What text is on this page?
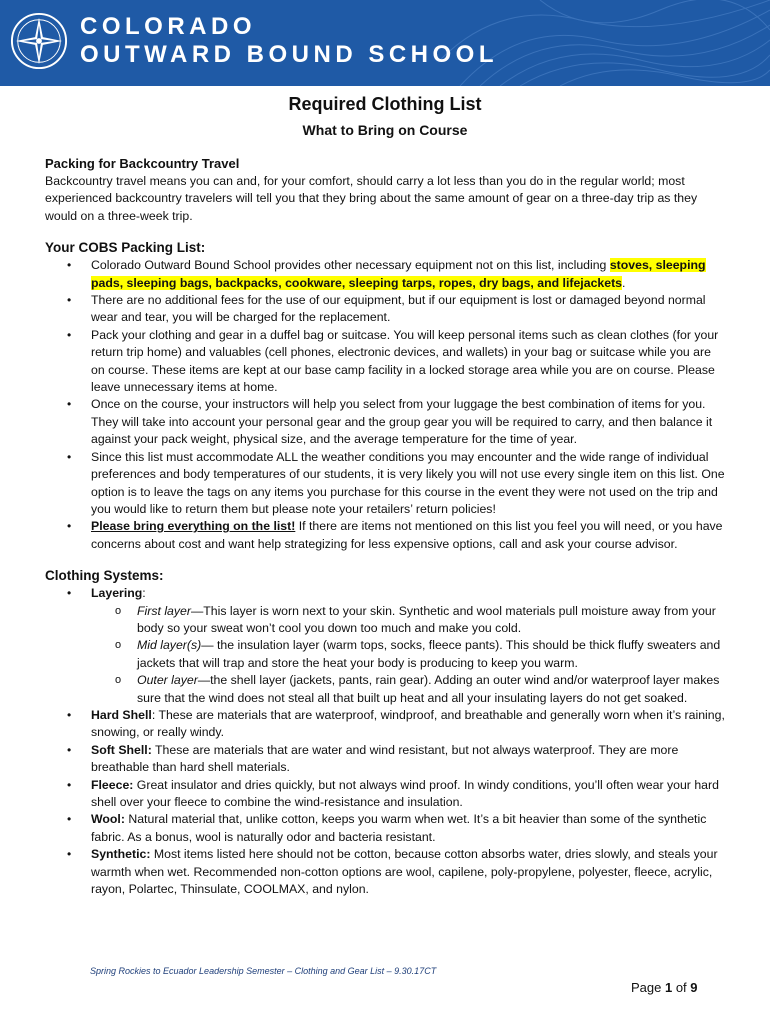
COLORADO
OUTWARD BOUND SCHOOL
Required Clothing List
What to Bring on Course
Packing for Backcountry Travel

Backcountry travel means you can and, for your comfort, should carry a lot less than you do in the regular world; most experienced backcountry travelers will tell you that they bring about the same amount of gear on a three-day trip as they would on a three-week trip.

Your COBS Packing List:
• Colorado Outward Bound School provides other necessary equipment not on this list, including stoves, sleeping pads, sleeping bags, backpacks, cookware, sleeping tarps, ropes, dry bags, and lifejackets.
• There are no additional fees for the use of our equipment, but if our equipment is lost or damaged beyond normal wear and tear, you will be charged for the replacement.
• Pack your clothing and gear in a duffel bag or suitcase. You will keep personal items such as clean clothes (for your return trip home) and valuables (cell phones, electronic devices, and wallets) in your bag or suitcase while you are on course. These items are kept at our base camp facility in a locked storage area while you are on course. Please leave unnecessary items at home.
• Once on the course, your instructors will help you select from your luggage the best combination of items for you. They will take into account your personal gear and the group gear you will be required to carry, and then balance it against your pack weight, physical size, and the average temperature for the time of year.
• Since this list must accommodate ALL the weather conditions you may encounter and the wide range of individual preferences and body temperatures of our students, it is very likely you will not use every single item on this list. One option is to leave the tags on any items you purchase for this course in the event they were not used on the trip and you would like to return them but please note your retailers’ return policies!
• Please bring everything on the list! If there are items not mentioned on this list you feel you will need, or you have concerns about cost and want help strategizing for less expensive options, call and ask your course advisor.
Clothing Systems:
• Layering:
o First layer—This layer is worn next to your skin. Synthetic and wool materials pull moisture away from your body so your sweat won’t cool you down too much and make you cold.
o Mid layer(s)— the insulation layer (warm tops, socks, fleece pants). This should be thick fluffy sweaters and jackets that will trap and store the heat your body is producing to keep you warm.
o Outer layer—the shell layer (jackets, pants, rain gear). Adding an outer wind and/or waterproof layer makes sure that the wind does not steal all that built up heat and all your insulating layers do not get soaked.
• Hard Shell: These are materials that are waterproof, windproof, and breathable and generally worn when it’s raining, snowing, or really windy.
• Soft Shell: These are materials that are water and wind resistant, but not always waterproof. They are more breathable than hard shell materials.
• Fleece: Great insulator and dries quickly, but not always wind proof. In windy conditions, you’ll often wear your hard shell over your fleece to combine the wind-resistance and insulation.
• Wool: Natural material that, unlike cotton, keeps you warm when wet. It’s a bit heavier than some of the synthetic fabric. As a bonus, wool is naturally odor and bacteria resistant.
• Synthetic: Most items listed here should not be cotton, because cotton absorbs water, dries slowly, and steals your warmth when wet. Recommended non-cotton options are wool, capilene, poly-propylene, polyester, fleece, acrylic, rayon, Polartec, Thinsulate, COOLMAX, and nylon.
Spring Rockies to Ecuador Leadership Semester – Clothing and Gear List – 9.30.17CT
Page 1 of 9
